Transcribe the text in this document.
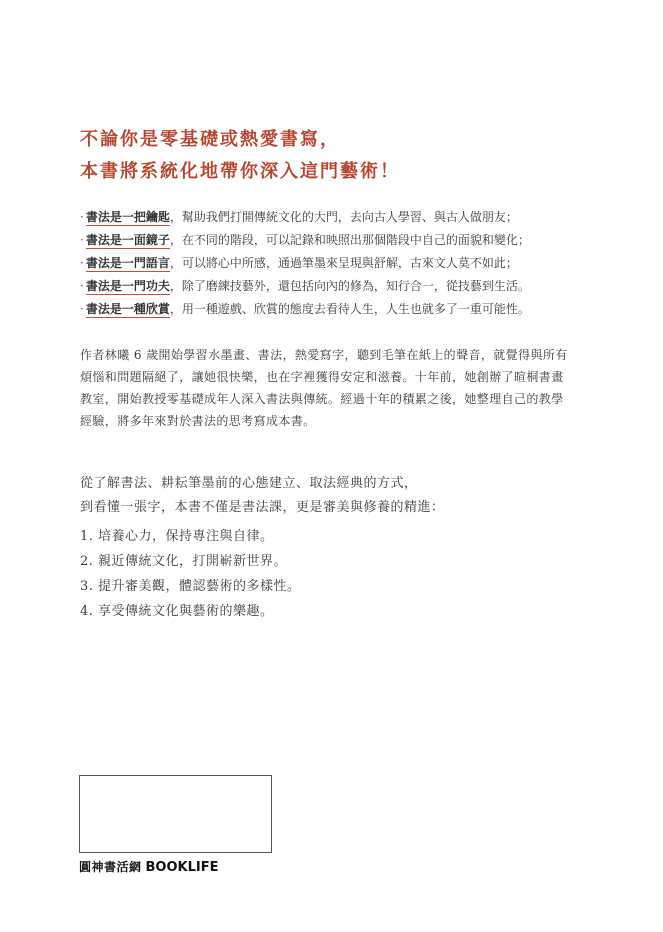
不論你是零基礎或熱愛書寫，
本書將系統化地帶你深入這門藝術！
· 書法是一把鑰匙，幫助我們打開傳統文化的大門，去向古人學習、與古人做朋友；
· 書法是一面鏡子，在不同的階段，可以記錄和映照出那個階段中自己的面貌和變化；
· 書法是一門語言，可以將心中所感，通過筆墨來呈現與舒解，古來文人莫不如此；
· 書法是一門功夫，除了磨練技藝外，還包括向內的修為，知行合一，從技藝到生活。
· 書法是一種欣賞，用一種遊戲、欣賞的態度去看待人生，人生也就多了一重可能性。
作者林曦 6 歲開始學習水墨畫、書法，熱愛寫字，聽到毛筆在紙上的聲音，就覺得與所有
煩惱和問題隔絕了，讓她很快樂，也在字裡獲得安定和滋養。十年前，她創辦了暄桐書畫
教室，開始教授零基礎成年人深入書法與傳統。經過十年的積累之後，她整理自己的教學
經驗，將多年來對於書法的思考寫成本書。
從了解書法、耕耘筆墨前的心態建立、取法經典的方式，
到看懂一張字，本書不僅是書法課，更是審美與修養的精進：
1. 培養心力，保持專注與自律。
2. 親近傳統文化，打開嶄新世界。
3. 提升審美觀，體認藝術的多樣性。
4. 享受傳統文化與藝術的樂趣。
圓神書活網 BOOKLIFE
